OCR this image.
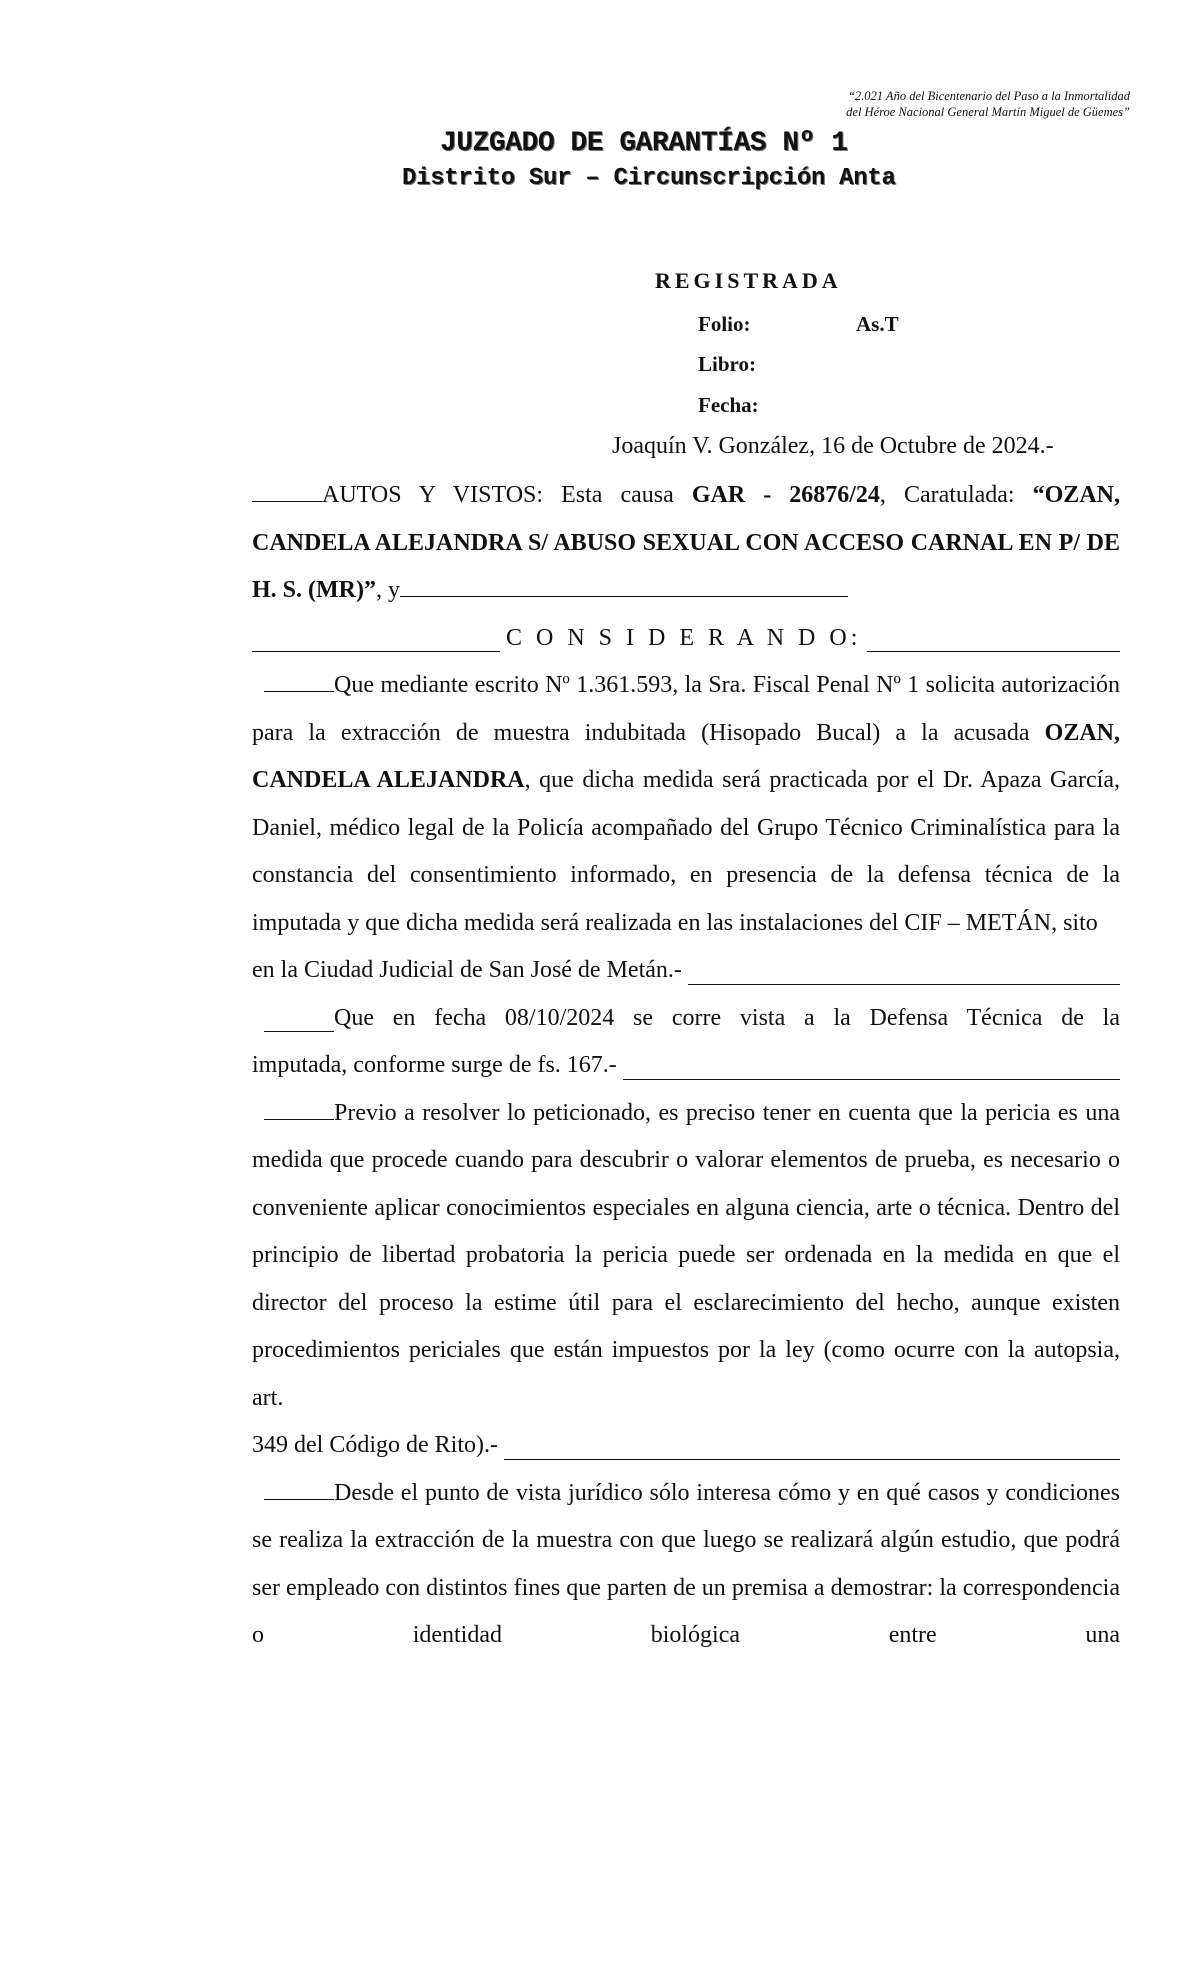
“2.021 Año del Bicentenario del Paso a la Inmortalidad
del Héroe Nacional General Martín Miguel de Güemes”
JUZGADO DE GARANTÍAS Nº 1
Distrito Sur – Circunscripción Anta
REGISTRADA
Folio:	As.T
Libro:
Fecha:
Joaquín V. González, 16 de Octubre de 2024.-

AUTOS Y VISTOS: Esta causa GAR - 26876/24, Caratulada: “OZAN, CANDELA ALEJANDRA S/ ABUSO SEXUAL CON ACCESO CARNAL EN P/ DE H. S. (MR)”, y

C O N S I D E R A N D O:

Que mediante escrito Nº 1.361.593, la Sra. Fiscal Penal Nº 1 solicita autorización para la extracción de muestra indubitada (Hisopado Bucal) a la acusada OZAN, CANDELA ALEJANDRA, que dicha medida será practicada por el Dr. Apaza García, Daniel, médico legal de la Policía acompañado del Grupo Técnico Criminalística para la constancia del consentimiento informado, en presencia de la defensa técnica de la imputada y que dicha medida será realizada en las instalaciones del CIF – METÁN, sito

en la Ciudad Judicial de San José de Metán.-
Que en fecha 08/10/2024 se corre vista a la Defensa Técnica de la
imputada, conforme surge de fs. 167.-

Previo a resolver lo peticionado, es preciso tener en cuenta que la pericia es una medida que procede cuando para descubrir o valorar elementos de prueba, es necesario o conveniente aplicar conocimientos especiales en alguna ciencia, arte o técnica. Dentro del principio de libertad probatoria la pericia puede ser ordenada en la medida en que el director del proceso la estime útil para el esclarecimiento del hecho, aunque existen procedimientos periciales que están impuestos por la ley (como ocurre con la autopsia, art.

349 del Código de Rito).-

Desde el punto de vista jurídico sólo interesa cómo y en qué casos y condiciones se realiza la extracción de la muestra con que luego se realizará algún estudio, que podrá ser empleado con distintos fines que parten de un premisa a demostrar: la correspondencia o identidad biológica entre una
